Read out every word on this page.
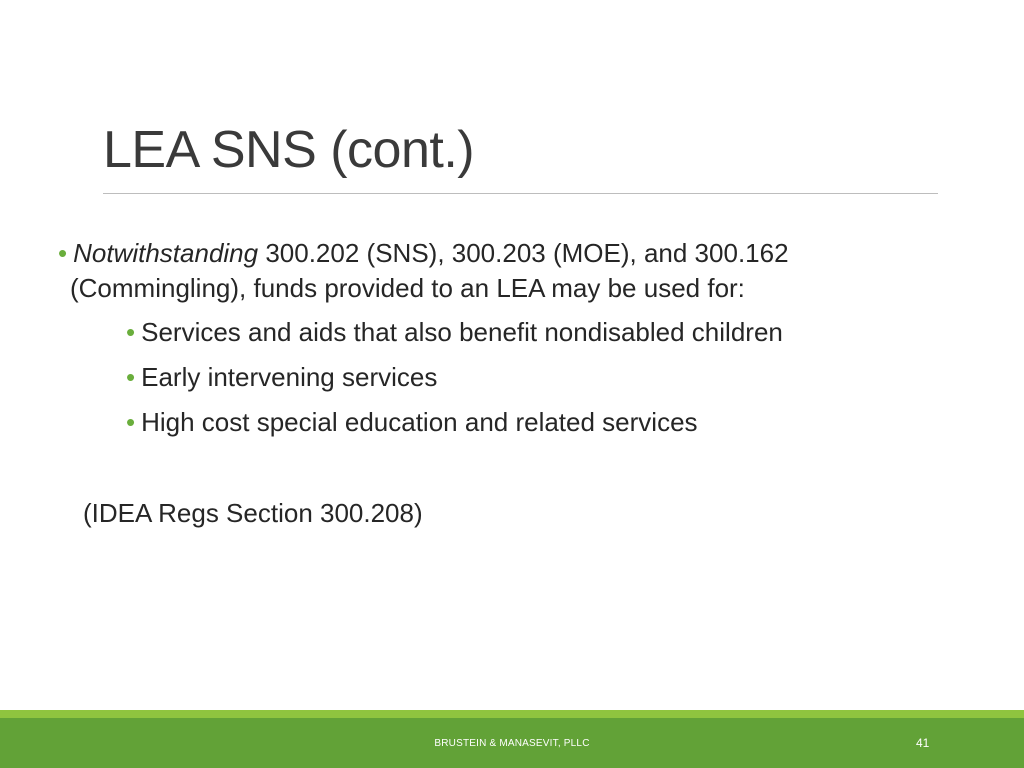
LEA SNS (cont.)
• Notwithstanding 300.202 (SNS), 300.203 (MOE), and 300.162
(Commingling), funds provided to an LEA may be used for:
• Services and aids that also benefit nondisabled children
• Early intervening services
• High cost special education and related services
(IDEA Regs Section 300.208)
BRUSTEIN & MANASEVIT, PLLC	41
